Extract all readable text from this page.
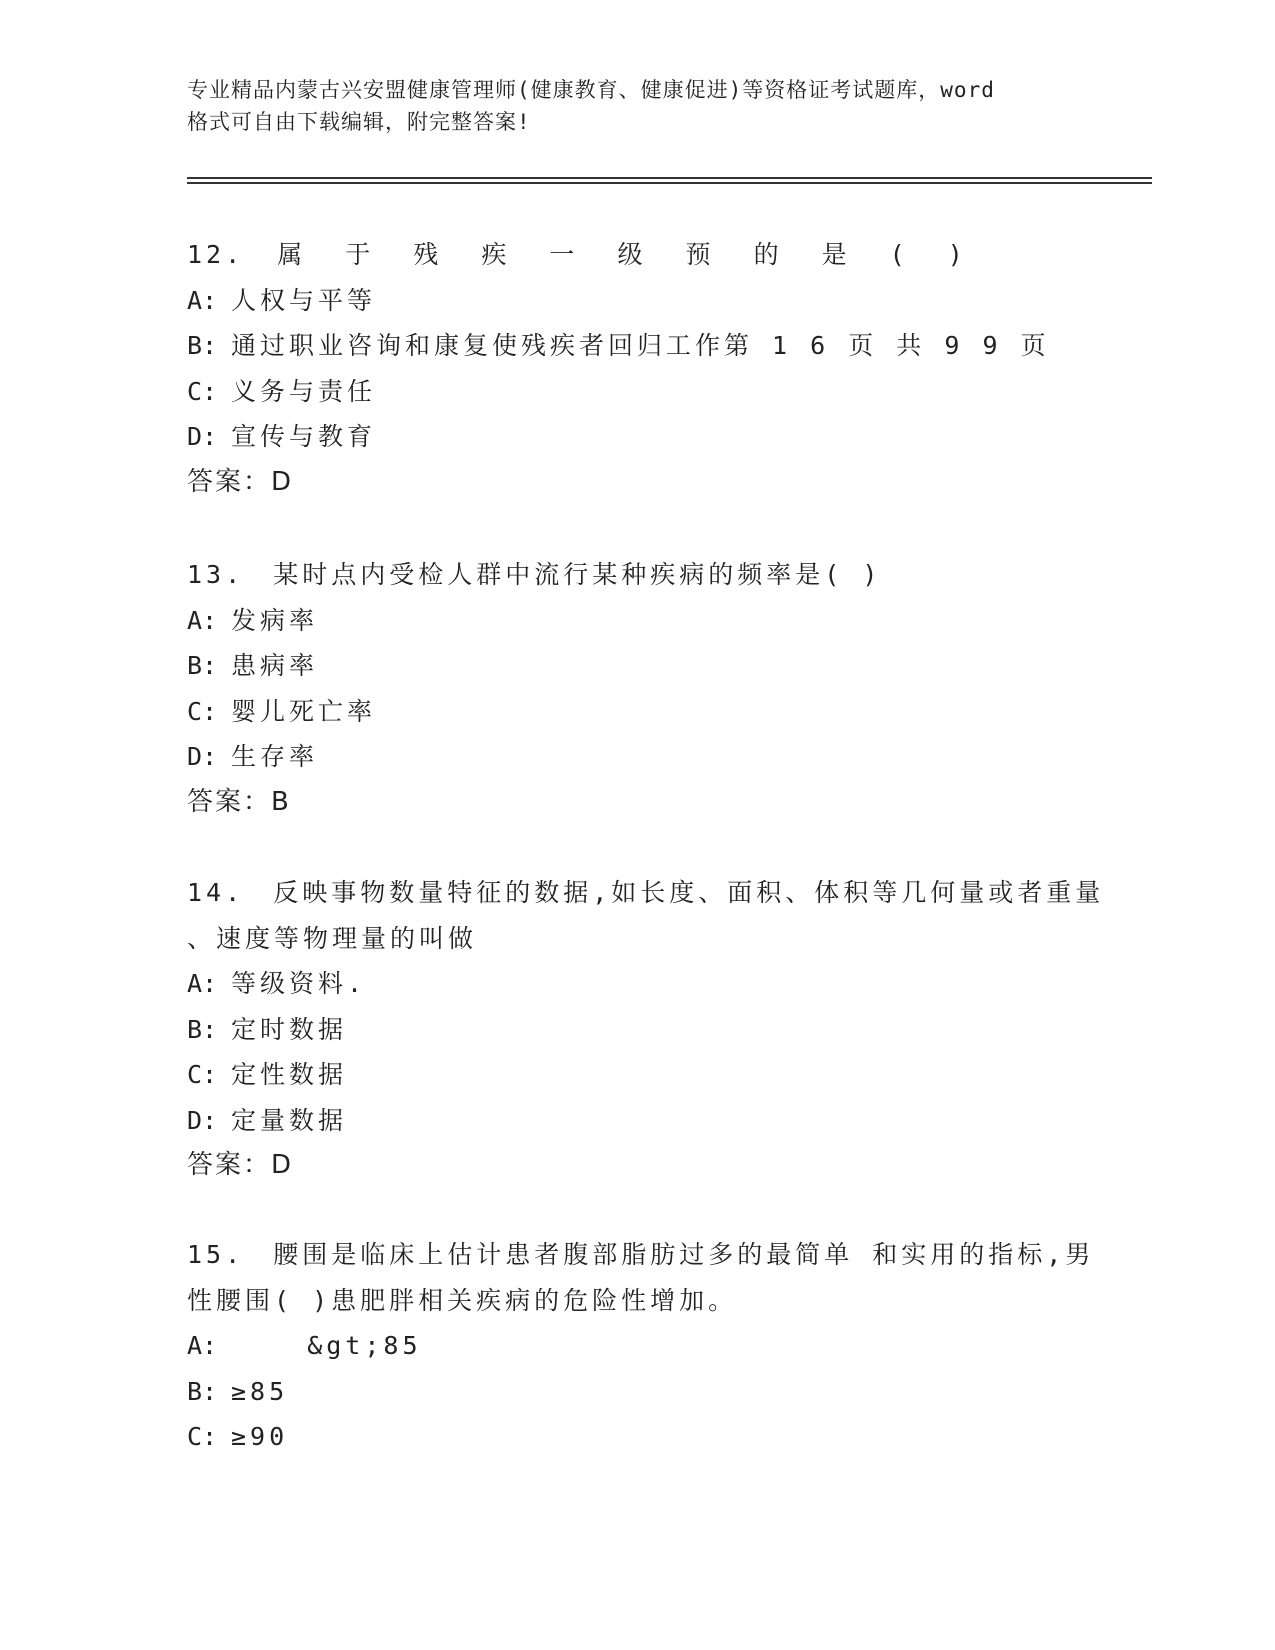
专业精品内蒙古兴安盟健康管理师(健康教育、健康促进)等资格证考试题库，word
格式可自由下载编辑，附完整答案!
12. 属 于 残 疾 一 级 预 的 是 ( )
A: 人权与平等
B: 通过职业咨询和康复使残疾者回归工作第 1 6 页 共 9 9 页
C: 义务与责任
D: 宣传与教育
答案：D
13. 某时点内受检人群中流行某种疾病的频率是( )
A: 发病率
B: 患病率
C: 婴儿死亡率
D: 生存率
答案：B
14. 反映事物数量特征的数据,如长度、面积、体积等几何量或者重量
、速度等物理量的叫做
A: 等级资料.
B: 定时数据
C: 定性数据
D: 定量数据
答案：D
15. 腰围是临床上估计患者腹部脂肪过多的最简单 和实用的指标,男
性腰围( )患肥胖相关疾病的危险性增加。
A:    &gt;85
B: ≥85
C: ≥90
